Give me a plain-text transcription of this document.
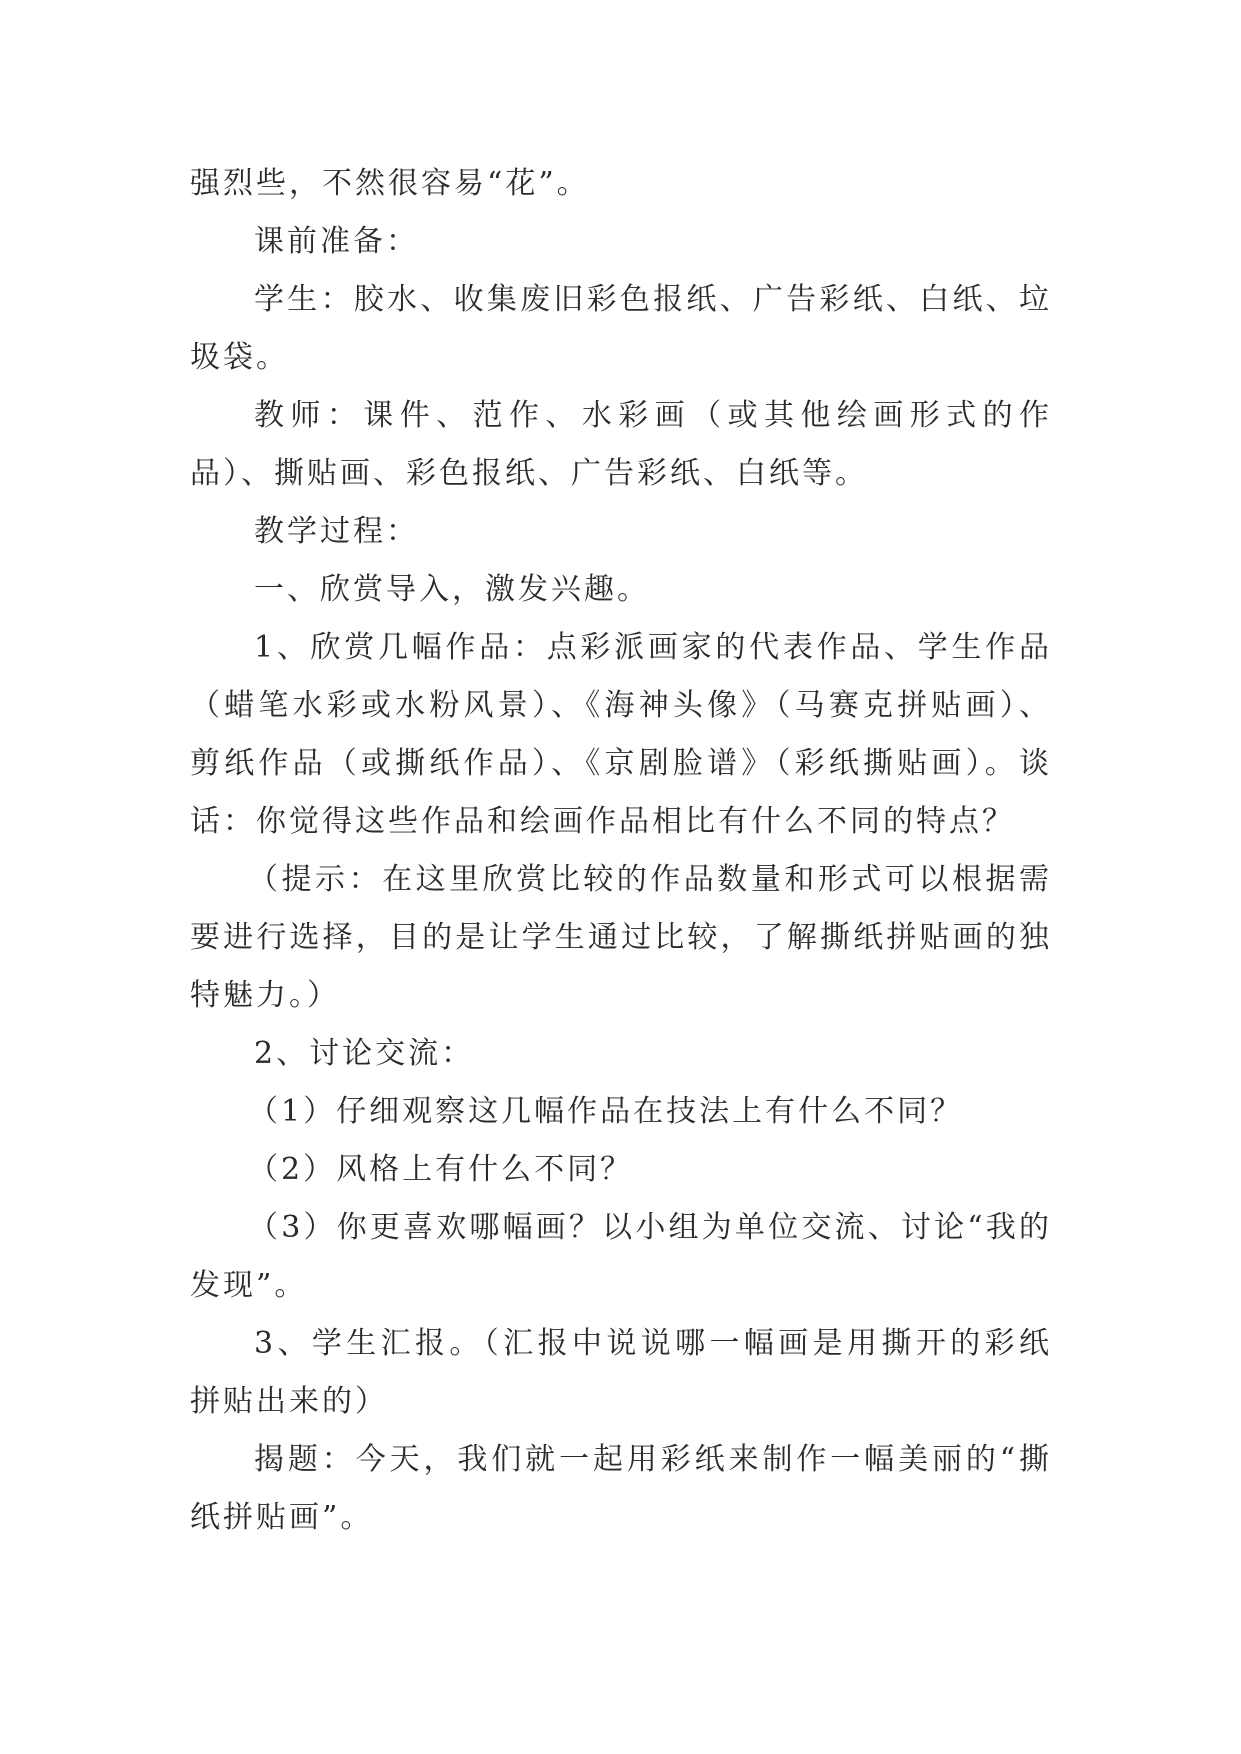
强烈些，不然很容易“花”。

课前准备：

学生：胶水、收集废旧彩色报纸、广告彩纸、白纸、垃圾袋。

教师：课件、范作、水彩画（或其他绘画形式的作品）、撕贴画、彩色报纸、广告彩纸、白纸等。

教学过程：

一、欣赏导入，激发兴趣。

1、欣赏几幅作品：点彩派画家的代表作品、学生作品（蜡笔水彩或水粉风景）、《海神头像》（马赛克拼贴画）、剪纸作品（或撕纸作品）、《京剧脸谱》（彩纸撕贴画）。谈话：你觉得这些作品和绘画作品相比有什么不同的特点？

（提示：在这里欣赏比较的作品数量和形式可以根据需要进行选择，目的是让学生通过比较，了解撕纸拼贴画的独特魅力。）

2、讨论交流：

（1）仔细观察这几幅作品在技法上有什么不同？

（2）风格上有什么不同？

（3）你更喜欢哪幅画？以小组为单位交流、讨论“我的发现”。

3、学生汇报。（汇报中说说哪一幅画是用撕开的彩纸拼贴出来的）

揭题：今天，我们就一起用彩纸来制作一幅美丽的“撕纸拼贴画”。
